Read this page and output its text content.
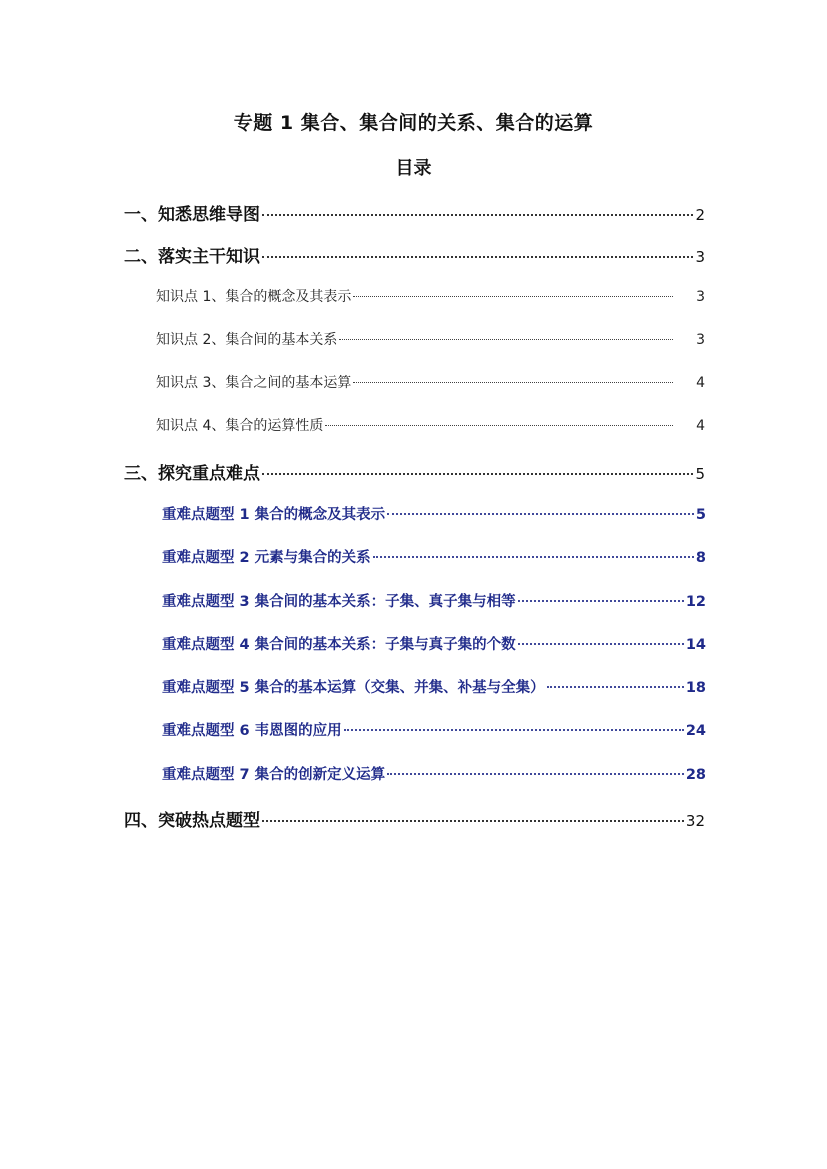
专题 1 集合、集合间的关系、集合的运算
目录
一、知悉思维导图	2
二、落实主干知识	3
知识点 1、集合的概念及其表示	3
知识点 2、集合间的基本关系	3
知识点 3、集合之间的基本运算	4
知识点 4、集合的运算性质	4
三、探究重点难点	5
重难点题型 1 集合的概念及其表示	5
重难点题型 2 元素与集合的关系	8
重难点题型 3 集合间的基本关系：子集、真子集与相等	12
重难点题型 4 集合间的基本关系：子集与真子集的个数	14
重难点题型 5 集合的基本运算（交集、并集、补基与全集）	18
重难点题型 6 韦恩图的应用	24
重难点题型 7 集合的创新定义运算	28
四、突破热点题型	32
